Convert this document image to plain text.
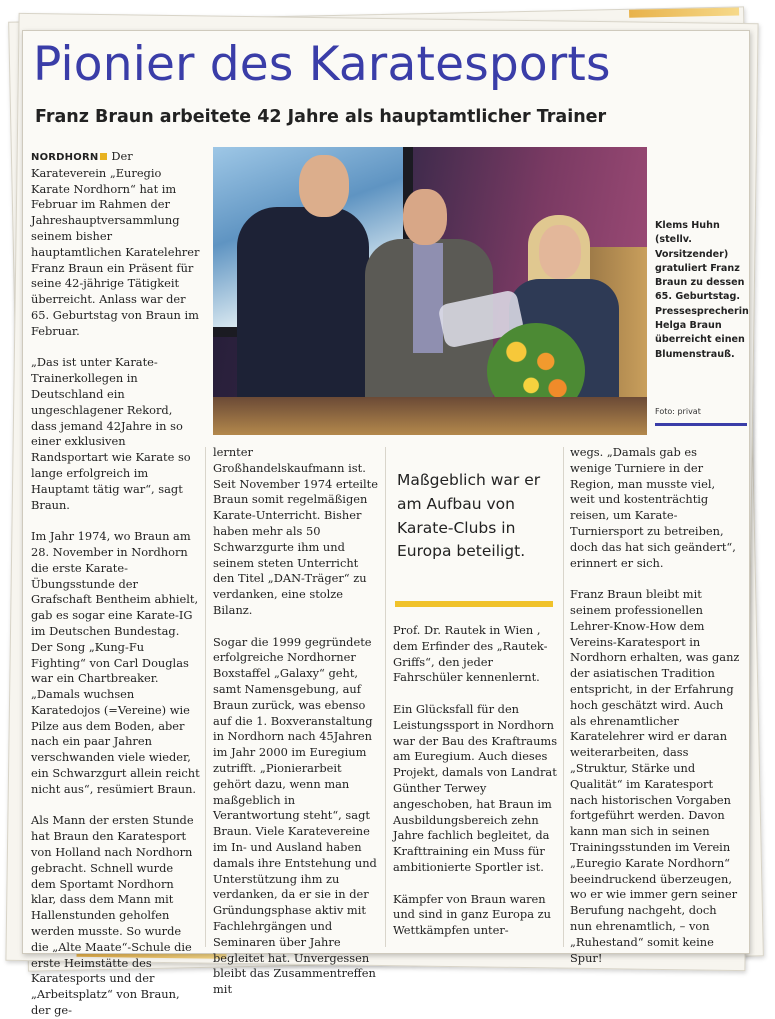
Pionier des Karatesports
Franz Braun arbeitete 42 Jahre als hauptamtlicher Trainer

NORDHORN Der Karateverein „Euregio Karate Nordhorn“ hat im Februar im Rahmen der Jahreshauptversammlung seinem bisher hauptamtlichen Karatelehrer Franz Braun ein Präsent für seine 42-jährige Tätigkeit überreicht. Anlass war der 65. Geburtstag von Braun im Februar.

„Das ist unter Karate-Trainerkollegen in Deutschland ein ungeschlagener Rekord, dass jemand 42Jahre in so einer exklusiven Randsportart wie Karate so lange erfolgreich im Hauptamt tätig war“, sagt Braun.

Im Jahr 1974, wo Braun am 28. November in Nordhorn die erste Karate-Übungsstunde der Grafschaft Bentheim abhielt, gab es sogar eine Karate-IG im Deutschen Bundestag. Der Song „Kung-Fu Fighting“ von Carl Douglas war ein Chartbreaker. „Damals wuchsen Karatedojos (=Vereine) wie Pilze aus dem Boden, aber nach ein paar Jahren verschwanden viele wieder, ein Schwarzgurt allein reicht nicht aus“, resümiert Braun.

Als Mann der ersten Stunde hat Braun den Karatesport von Holland nach Nordhorn gebracht. Schnell wurde dem Sportamt Nordhorn klar, dass dem Mann mit Hallenstunden geholfen werden musste. So wurde die „Alte Maate“-Schule die erste Heimstätte des Karatesports und der „Arbeitsplatz“ von Braun, der ge-

Klems Huhn (stellv. Vorsitzender) gratuliert Franz Braun zu dessen 65. Geburtstag. Pressesprecherin Helga Braun überreicht einen Blumenstrauß.
Foto: privat

lernter Großhandelskaufmann ist. Seit November 1974 erteilte Braun somit regelmäßigen Karate-Unterricht. Bisher haben mehr als 50 Schwarzgurte ihm und seinem steten Unterricht den Titel „DAN-Träger“ zu verdanken, eine stolze Bilanz.

Sogar die 1999 gegründete erfolgreiche Nordhorner Boxstaffel „Galaxy“ geht, samt Namensgebung, auf Braun zurück, was ebenso auf die 1. Boxveranstaltung in Nordhorn nach 45Jahren im Jahr 2000 im Euregium zutrifft. „Pionierarbeit gehört dazu, wenn man maßgeblich in Verantwortung steht“, sagt Braun. Viele Karatevereine im In- und Ausland haben damals ihre Entstehung und Unterstützung ihm zu verdanken, da er sie in der Gründungsphase aktiv mit Fachlehrgängen und Seminaren über Jahre begleitet hat. Unvergessen bleibt das Zusammentreffen mit

Maßgeblich war er am Aufbau von Karate-Clubs in Europa beteiligt.

Prof. Dr. Rautek in Wien , dem Erfinder des „Rautek-Griffs“, den jeder Fahrschüler kennenlernt.

Ein Glücksfall für den Leistungssport in Nordhorn war der Bau des Kraftraums am Euregium. Auch dieses Projekt, damals von Landrat Günther Terwey angeschoben, hat Braun im Ausbildungsbereich zehn Jahre fachlich begleitet, da Krafttraining ein Muss für ambitionierte Sportler ist.

Kämpfer von Braun waren und sind in ganz Europa zu Wettkämpfen unter-

wegs. „Damals gab es wenige Turniere in der Region, man musste viel, weit und kostenträchtig reisen, um Karate-Turniersport zu betreiben, doch das hat sich geändert“, erinnert er sich.

Franz Braun bleibt mit seinem professionellen Lehrer-Know-How dem Vereins-Karatesport in Nordhorn erhalten, was ganz der asiatischen Tradition entspricht, in der Erfahrung hoch geschätzt wird. Auch als ehrenamtlicher Karatelehrer wird er daran weiterarbeiten, dass „Struktur, Stärke und Qualität“ im Karatesport nach historischen Vorgaben fortgeführt werden. Davon kann man sich in seinen Trainingsstunden im Verein „Euregio Karate Nordhorn“ beeindruckend überzeugen, wo er wie immer gern seiner Berufung nachgeht, doch nun ehrenamtlich, – von „Ruhestand“ somit keine Spur!
